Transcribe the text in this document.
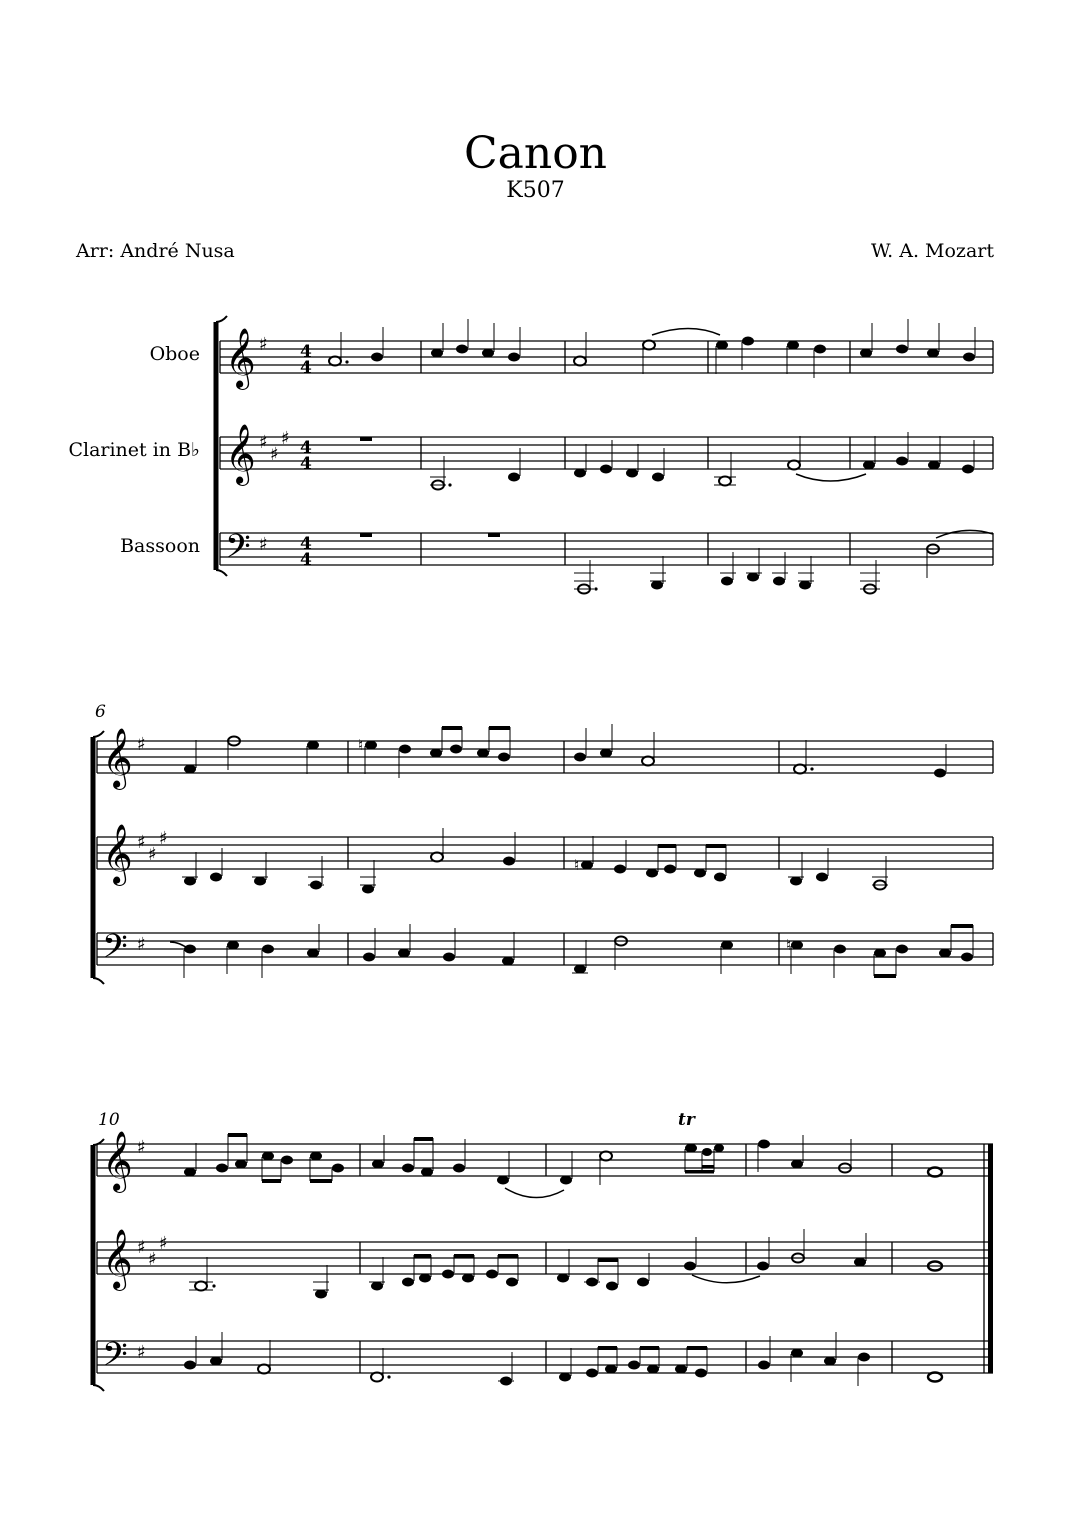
Canon
K507
Arr: André Nusa	W. A. Mozart
Oboe
Clarinet in B♭
Bassoon
𝄞
𝄞
𝄢
♯
♯
♯
♯
♯
4
4
4
4
4
4
6
𝄞
𝄞
𝄢
♯
♯
♯
♯
♯
♮
♮
♮
10
𝄞
𝄞
𝄢
♯
♯
♯
♯
♯
tr
